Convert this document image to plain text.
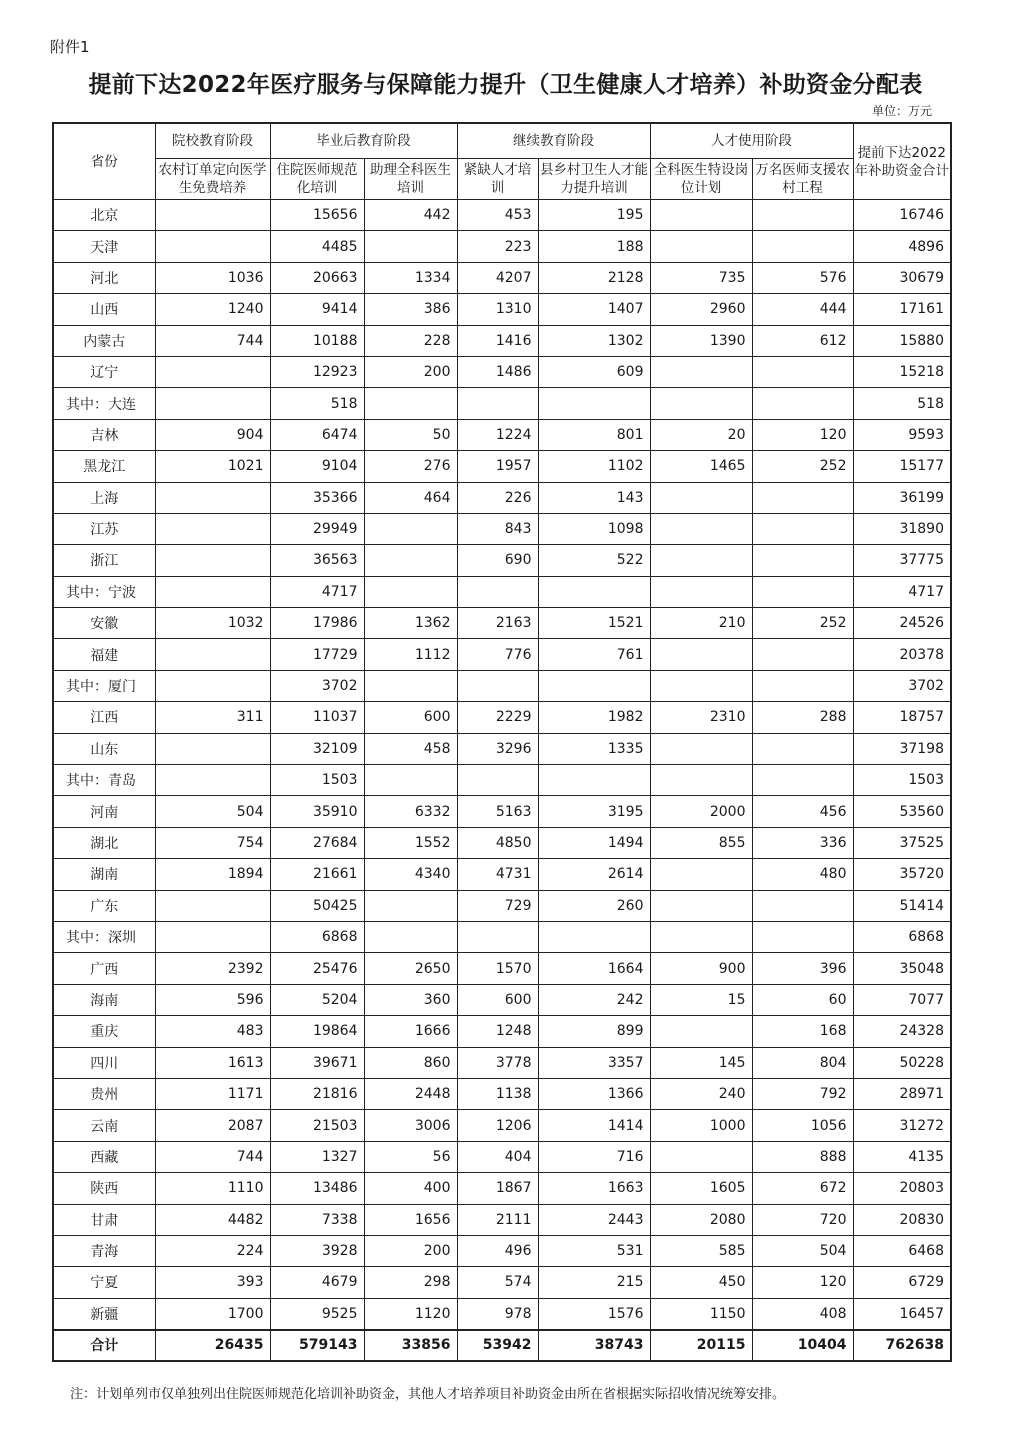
附件1
提前下达2022年医疗服务与保障能力提升（卫生健康人才培养）补助资金分配表
单位：万元
省份	院校教育阶段	毕业后教育阶段		继续教育阶段		人才使用阶段		提前下达2022年补助资金合计
	农村订单定向医学生免费培养	住院医师规范化培训	助理全科医生培训	紧缺人才培训	县乡村卫生人才能力提升培训	全科医生特设岗位计划	万名医师支援农村工程	
北京		15656	442	453	195			16746
天津		4485		223	188			4896
河北	1036	20663	1334	4207	2128	735	576	30679
山西	1240	9414	386	1310	1407	2960	444	17161
内蒙古	744	10188	228	1416	1302	1390	612	15880
辽宁		12923	200	1486	609			15218
其中：大连		518						518
吉林	904	6474	50	1224	801	20	120	9593
黑龙江	1021	9104	276	1957	1102	1465	252	15177
上海		35366	464	226	143			36199
江苏		29949		843	1098			31890
浙江		36563		690	522			37775
其中：宁波		4717						4717
安徽	1032	17986	1362	2163	1521	210	252	24526
福建		17729	1112	776	761			20378
其中：厦门		3702						3702
江西	311	11037	600	2229	1982	2310	288	18757
山东		32109	458	3296	1335			37198
其中：青岛		1503						1503
河南	504	35910	6332	5163	3195	2000	456	53560
湖北	754	27684	1552	4850	1494	855	336	37525
湖南	1894	21661	4340	4731	2614		480	35720
广东		50425		729	260			51414
其中：深圳		6868						6868
广西	2392	25476	2650	1570	1664	900	396	35048
海南	596	5204	360	600	242	15	60	7077
重庆	483	19864	1666	1248	899		168	24328
四川	1613	39671	860	3778	3357	145	804	50228
贵州	1171	21816	2448	1138	1366	240	792	28971
云南	2087	21503	3006	1206	1414	1000	1056	31272
西藏	744	1327	56	404	716		888	4135
陕西	1110	13486	400	1867	1663	1605	672	20803
甘肃	4482	7338	1656	2111	2443	2080	720	20830
青海	224	3928	200	496	531	585	504	6468
宁夏	393	4679	298	574	215	450	120	6729
新疆	1700	9525	1120	978	1576	1150	408	16457
合计	26435	579143	33856	53942	38743	20115	10404	762638
注：计划单列市仅单独列出住院医师规范化培训补助资金，其他人才培养项目补助资金由所在省根据实际招收情况统筹安排。
